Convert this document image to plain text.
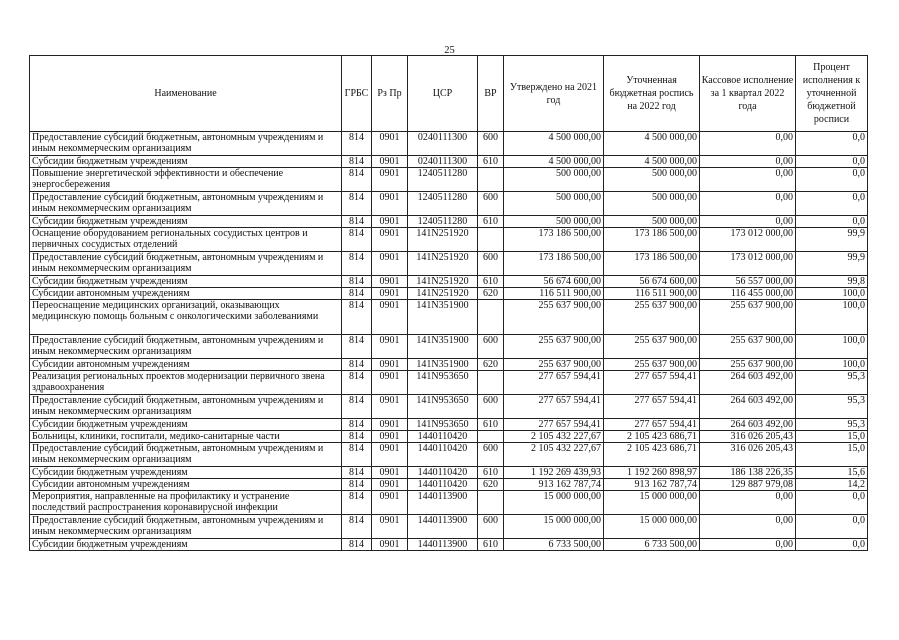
25
Наименование	ГРБС	Рз Пр	ЦСР	ВР	Утверждено на 2021 год	Уточненная бюджетная роспись на 2022 год	Кассовое исполнение за 1 квартал 2022 года	Процент исполнения к уточненной бюджетной росписи
Предоставление субсидий бюджетным, автономным учреждениям и иным некоммерческим организациям	814	0901	0240111300	600	4 500 000,00	4 500 000,00	0,00	0,0
Субсидии бюджетным учреждениям	814	0901	0240111300	610	4 500 000,00	4 500 000,00	0,00	0,0
Повышение энергетической эффективности и обеспечение энергосбережения	814	0901	1240511280		500 000,00	500 000,00	0,00	0,0
Предоставление субсидий бюджетным, автономным учреждениям и иным некоммерческим организациям	814	0901	1240511280	600	500 000,00	500 000,00	0,00	0,0
Субсидии бюджетным учреждениям	814	0901	1240511280	610	500 000,00	500 000,00	0,00	0,0
Оснащение оборудованием региональных сосудистых центров и первичных сосудистых отделений	814	0901	141N251920		173 186 500,00	173 186 500,00	173 012 000,00	99,9
Предоставление субсидий бюджетным, автономным учреждениям и иным некоммерческим организациям	814	0901	141N251920	600	173 186 500,00	173 186 500,00	173 012 000,00	99,9
Субсидии бюджетным учреждениям	814	0901	141N251920	610	56 674 600,00	56 674 600,00	56 557 000,00	99,8
Субсидии автономным учреждениям	814	0901	141N251920	620	116 511 900,00	116 511 900,00	116 455 000,00	100,0
Переоснащение медицинских организаций, оказывающих медицинскую помощь больным с онкологическими заболеваниями	814	0901	141N351900		255 637 900,00	255 637 900,00	255 637 900,00	100,0
Предоставление субсидий бюджетным, автономным учреждениям и иным некоммерческим организациям	814	0901	141N351900	600	255 637 900,00	255 637 900,00	255 637 900,00	100,0
Субсидии автономным учреждениям	814	0901	141N351900	620	255 637 900,00	255 637 900,00	255 637 900,00	100,0
Реализация региональных проектов модернизации первичного звена здравоохранения	814	0901	141N953650		277 657 594,41	277 657 594,41	264 603 492,00	95,3
Предоставление субсидий бюджетным, автономным учреждениям и иным некоммерческим организациям	814	0901	141N953650	600	277 657 594,41	277 657 594,41	264 603 492,00	95,3
Субсидии бюджетным учреждениям	814	0901	141N953650	610	277 657 594,41	277 657 594,41	264 603 492,00	95,3
Больницы, клиники, госпитали, медико-санитарные части	814	0901	1440110420		2 105 432 227,67	2 105 423 686,71	316 026 205,43	15,0
Предоставление субсидий бюджетным, автономным учреждениям и иным некоммерческим организациям	814	0901	1440110420	600	2 105 432 227,67	2 105 423 686,71	316 026 205,43	15,0
Субсидии бюджетным учреждениям	814	0901	1440110420	610	1 192 269 439,93	1 192 260 898,97	186 138 226,35	15,6
Субсидии автономным учреждениям	814	0901	1440110420	620	913 162 787,74	913 162 787,74	129 887 979,08	14,2
Мероприятия, направленные на профилактику и устранение последствий распространения коронавирусной инфекции	814	0901	1440113900		15 000 000,00	15 000 000,00	0,00	0,0
Предоставление субсидий бюджетным, автономным учреждениям и иным некоммерческим организациям	814	0901	1440113900	600	15 000 000,00	15 000 000,00	0,00	0,0
Субсидии бюджетным учреждениям	814	0901	1440113900	610	6 733 500,00	6 733 500,00	0,00	0,0
